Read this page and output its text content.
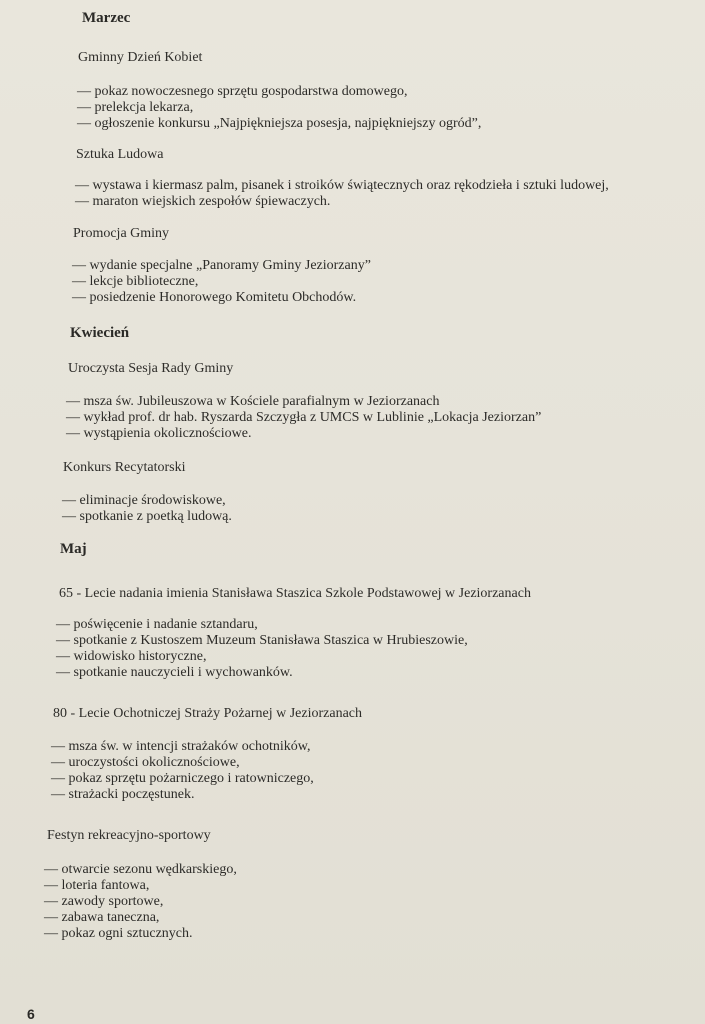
Marzec
Gminny Dzień Kobiet
— pokaz nowoczesnego sprzętu gospodarstwa domowego,
— prelekcja lekarza,
— ogłoszenie konkursu „Najpiękniejsza posesja, najpiękniejszy ogród”,
Sztuka Ludowa
— wystawa i kiermasz palm, pisanek i stroików świątecznych oraz rękodzieła i sztuki ludowej,
— maraton wiejskich zespołów śpiewaczych.
Promocja Gminy
— wydanie specjalne „Panoramy Gminy Jeziorzany”
— lekcje biblioteczne,
— posiedzenie Honorowego Komitetu Obchodów.
Kwiecień
Uroczysta Sesja Rady Gminy
— msza św. Jubileuszowa w Kościele parafialnym w Jeziorzanach
— wykład prof. dr hab. Ryszarda Szczygła z UMCS w Lublinie „Lokacja Jeziorzan”
— wystąpienia okolicznościowe.
Konkurs Recytatorski
— eliminacje środowiskowe,
— spotkanie z poetką ludową.
Maj
65 - Lecie nadania imienia Stanisława Staszica Szkole Podstawowej w Jeziorzanach
— poświęcenie i nadanie sztandaru,
— spotkanie z Kustoszem Muzeum Stanisława Staszica w Hrubieszowie,
— widowisko historyczne,
— spotkanie nauczycieli i wychowanków.
80 - Lecie Ochotniczej Straży Pożarnej w Jeziorzanach
— msza św. w intencji strażaków ochotników,
— uroczystości okolicznościowe,
— pokaz sprzętu pożarniczego i ratowniczego,
— strażacki poczęstunek.
Festyn rekreacyjno-sportowy
— otwarcie sezonu wędkarskiego,
— loteria fantowa,
— zawody sportowe,
— zabawa taneczna,
— pokaz ogni sztucznych.
6
